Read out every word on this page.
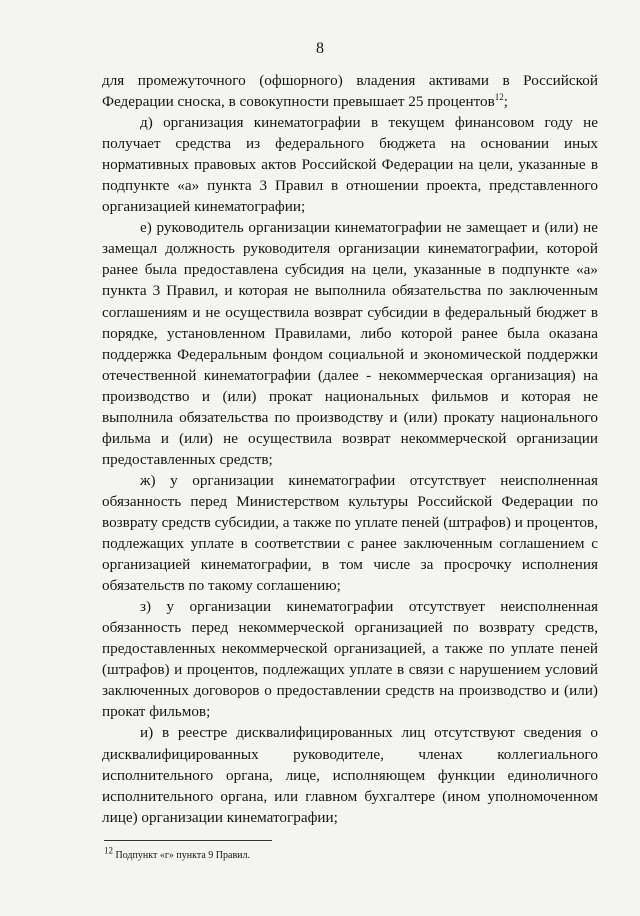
8

для промежуточного (офшорного) владения активами в Российской Федерации сноска, в совокупности превышает 25 процентов$^{12}$;

д) организация кинематографии в текущем финансовом году не получает средства из федерального бюджета на основании иных нормативных правовых актов Российской Федерации на цели, указанные в подпункте «а» пункта 3 Правил в отношении проекта, представленного организацией кинематографии;

е) руководитель организации кинематографии не замещает и (или) не замещал должность руководителя организации кинематографии, которой ранее была предоставлена субсидия на цели, указанные в подпункте «а» пункта 3 Правил, и которая не выполнила обязательства по заключенным соглашениям и не осуществила возврат субсидии в федеральный бюджет в порядке, установленном Правилами, либо которой ранее была оказана поддержка Федеральным фондом социальной и экономической поддержки отечественной кинематографии (далее - некоммерческая организация) на производство и (или) прокат национальных фильмов и которая не выполнила обязательства по производству и (или) прокату национального фильма и (или) не осуществила возврат некоммерческой организации предоставленных средств;

ж) у организации кинематографии отсутствует неисполненная обязанность перед Министерством культуры Российской Федерации по возврату средств субсидии, а также по уплате пеней (штрафов) и процентов, подлежащих уплате в соответствии с ранее заключенным соглашением с организацией кинематографии, в том числе за просрочку исполнения обязательств по такому соглашению;

з) у организации кинематографии отсутствует неисполненная обязанность перед некоммерческой организацией по возврату средств, предоставленных некоммерческой организацией, а также по уплате пеней (штрафов) и процентов, подлежащих уплате в связи с нарушением условий заключенных договоров о предоставлении средств на производство и (или) прокат фильмов;

и) в реестре дисквалифицированных лиц отсутствуют сведения о дисквалифицированных руководителе, членах коллегиального исполнительного органа, лице, исполняющем функции единоличного исполнительного органа, или главном бухгалтере (ином уполномоченном лице) организации кинематографии;

$^{12}$ Подпункт «г» пункта 9 Правил.
